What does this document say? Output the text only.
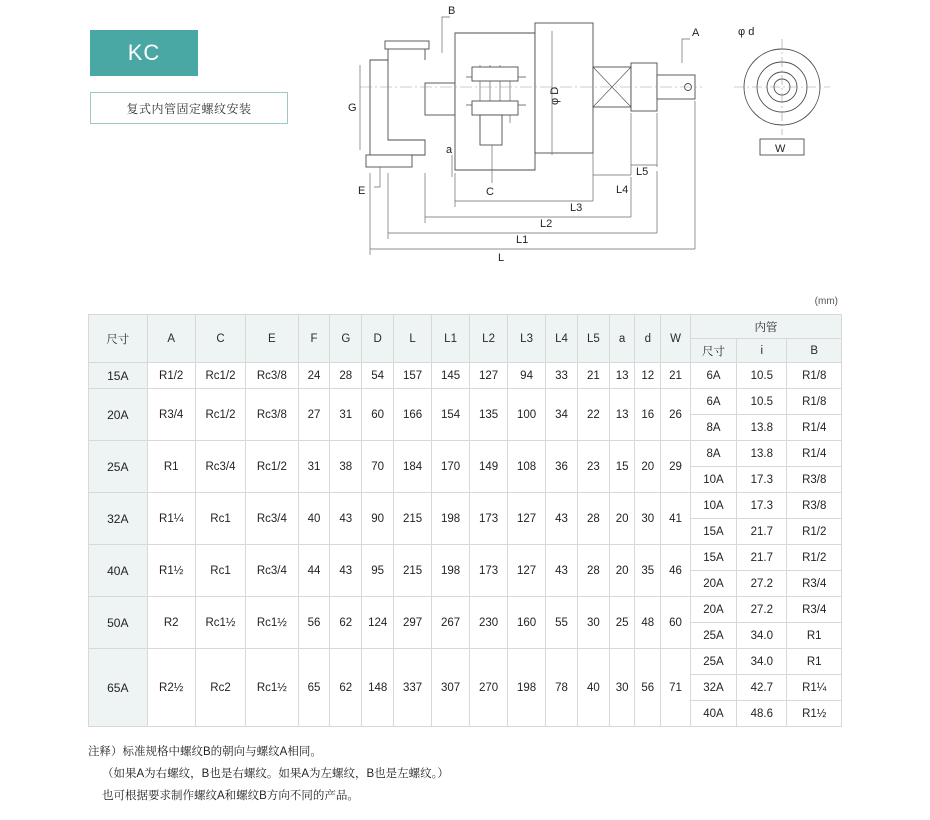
KC
复式内管固定螺纹安装
B
A
G
E
a
C
φ D
L5
L4
L3
L2
L1
L
φ d
W
(mm)
尺寸	A	C	E	F	G	D	L	L1	L2	L3	L4	L5	a	d	W	内管		
																尺寸	i	B
15A	R1/2	Rc1/2	Rc3/8	24	28	54	157	145	127	94	33	21	13	12	21	6A	10.5	R1/8
20A	R3/4	Rc1/2	Rc3/8	27	31	60	166	154	135	100	34	22	13	16	26	6A	10.5	R1/8
																8A	13.8	R1/4
25A	R1	Rc3/4	Rc1/2	31	38	70	184	170	149	108	36	23	15	20	29	8A	13.8	R1/4
																10A	17.3	R3/8
32A	R1¼	Rc1	Rc3/4	40	43	90	215	198	173	127	43	28	20	30	41	10A	17.3	R3/8
																15A	21.7	R1/2
40A	R1½	Rc1	Rc3/4	44	43	95	215	198	173	127	43	28	20	35	46	15A	21.7	R1/2
																20A	27.2	R3/4
50A	R2	Rc1½	Rc1½	56	62	124	297	267	230	160	55	30	25	48	60	20A	27.2	R3/4
																25A	34.0	R1
65A	R2½	Rc2	Rc1½	65	62	148	337	307	270	198	78	40	30	56	71	25A	34.0	R1
																32A	42.7	R1¼
																40A	48.6	R1½
注释）标准规格中螺纹B的朝向与螺纹A相同。
（如果A为右螺纹，B也是右螺纹。如果A为左螺纹，B也是左螺纹。）
也可根据要求制作螺纹A和螺纹B方向不同的产品。
